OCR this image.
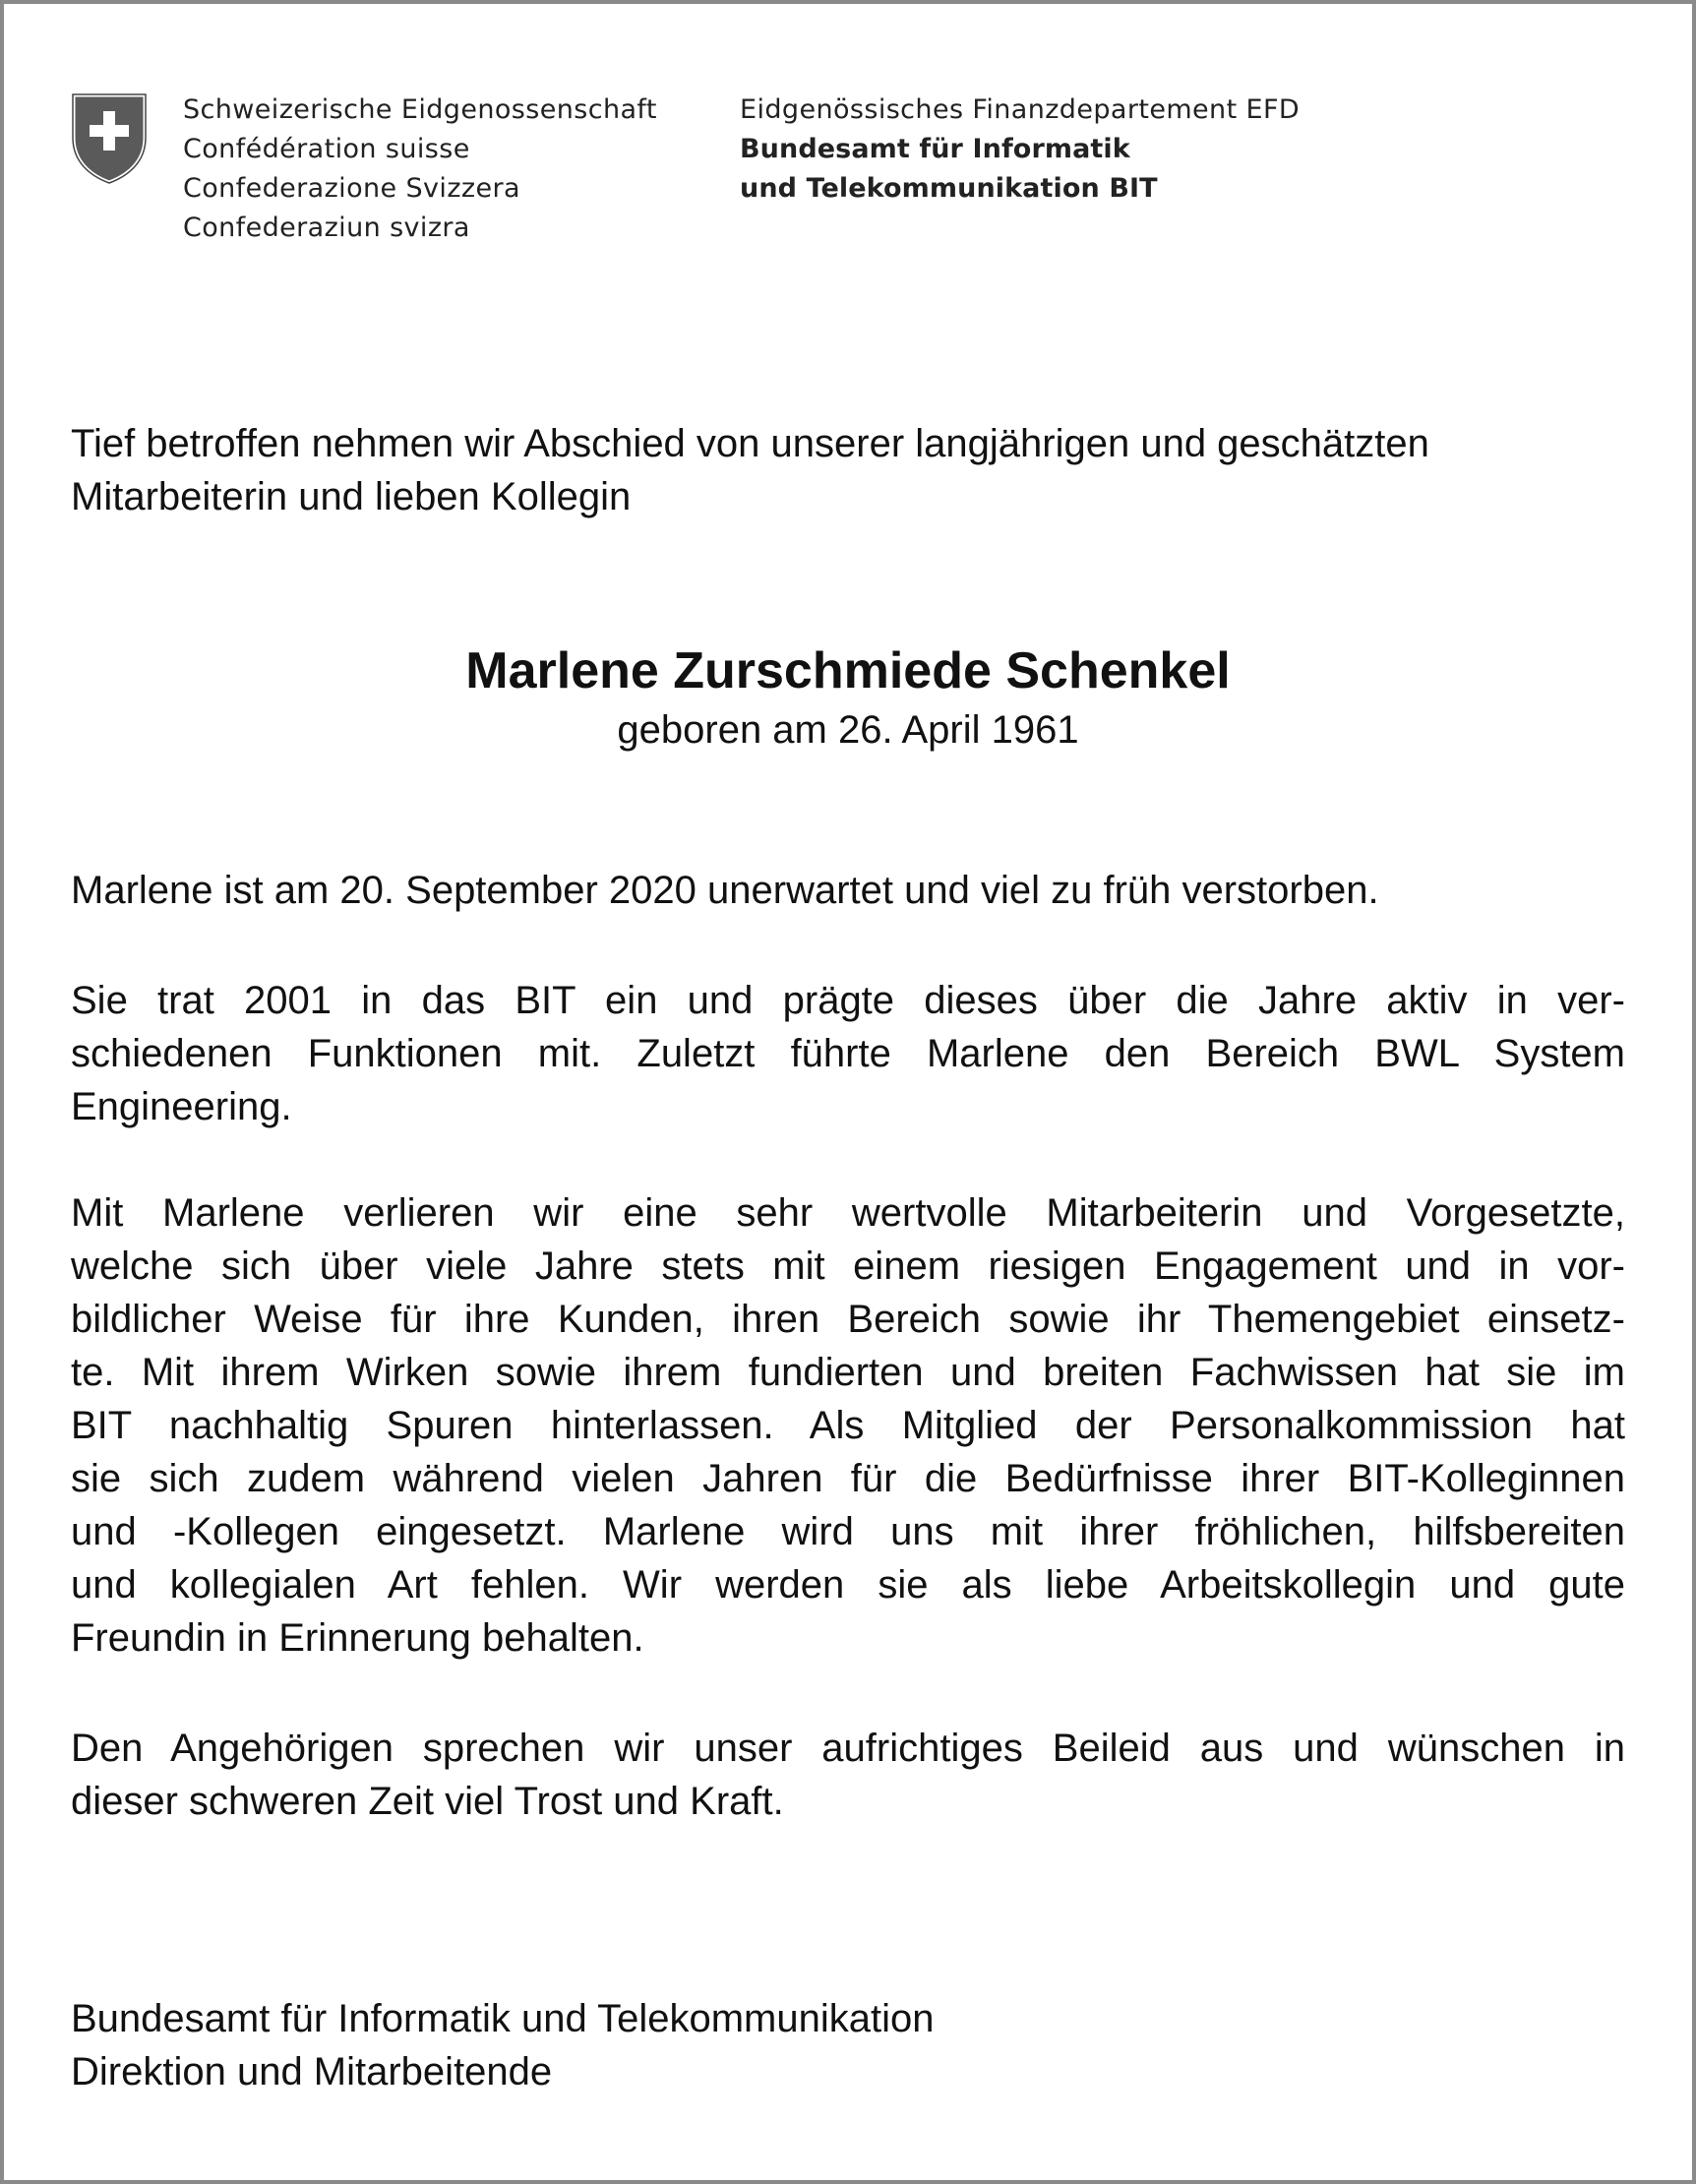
Schweizerische Eidgenossenschaft
Confédération suisse
Confederazione Svizzera
Confederaziun svizra
Eidgenössisches Finanzdepartement EFD
Bundesamt für Informatik
und Telekommunikation BIT
Tief betroffen nehmen wir Abschied von unserer langjährigen und geschätzten
Mitarbeiterin und lieben Kollegin
Marlene Zurschmiede Schenkel
geboren am 26. April 1961
Marlene ist am 20. September 2020 unerwartet und viel zu früh verstorben.
Sie trat 2001 in das BIT ein und prägte dieses über die Jahre aktiv in ver-
schiedenen Funktionen mit. Zuletzt führte Marlene den Bereich BWL System
Engineering.
Mit Marlene verlieren wir eine sehr wertvolle Mitarbeiterin und Vorgesetzte,
welche sich über viele Jahre stets mit einem riesigen Engagement und in vor-
bildlicher Weise für ihre Kunden, ihren Bereich sowie ihr Themengebiet einsetz-
te. Mit ihrem Wirken sowie ihrem fundierten und breiten Fachwissen hat sie im
BIT nachhaltig Spuren hinterlassen. Als Mitglied der Personalkommission hat
sie sich zudem während vielen Jahren für die Bedürfnisse ihrer BIT-Kolleginnen
und -Kollegen eingesetzt. Marlene wird uns mit ihrer fröhlichen, hilfsbereiten
und kollegialen Art fehlen. Wir werden sie als liebe Arbeitskollegin und gute
Freundin in Erinnerung behalten.
Den Angehörigen sprechen wir unser aufrichtiges Beileid aus und wünschen in
dieser schweren Zeit viel Trost und Kraft.
Bundesamt für Informatik und Telekommunikation
Direktion und Mitarbeitende
